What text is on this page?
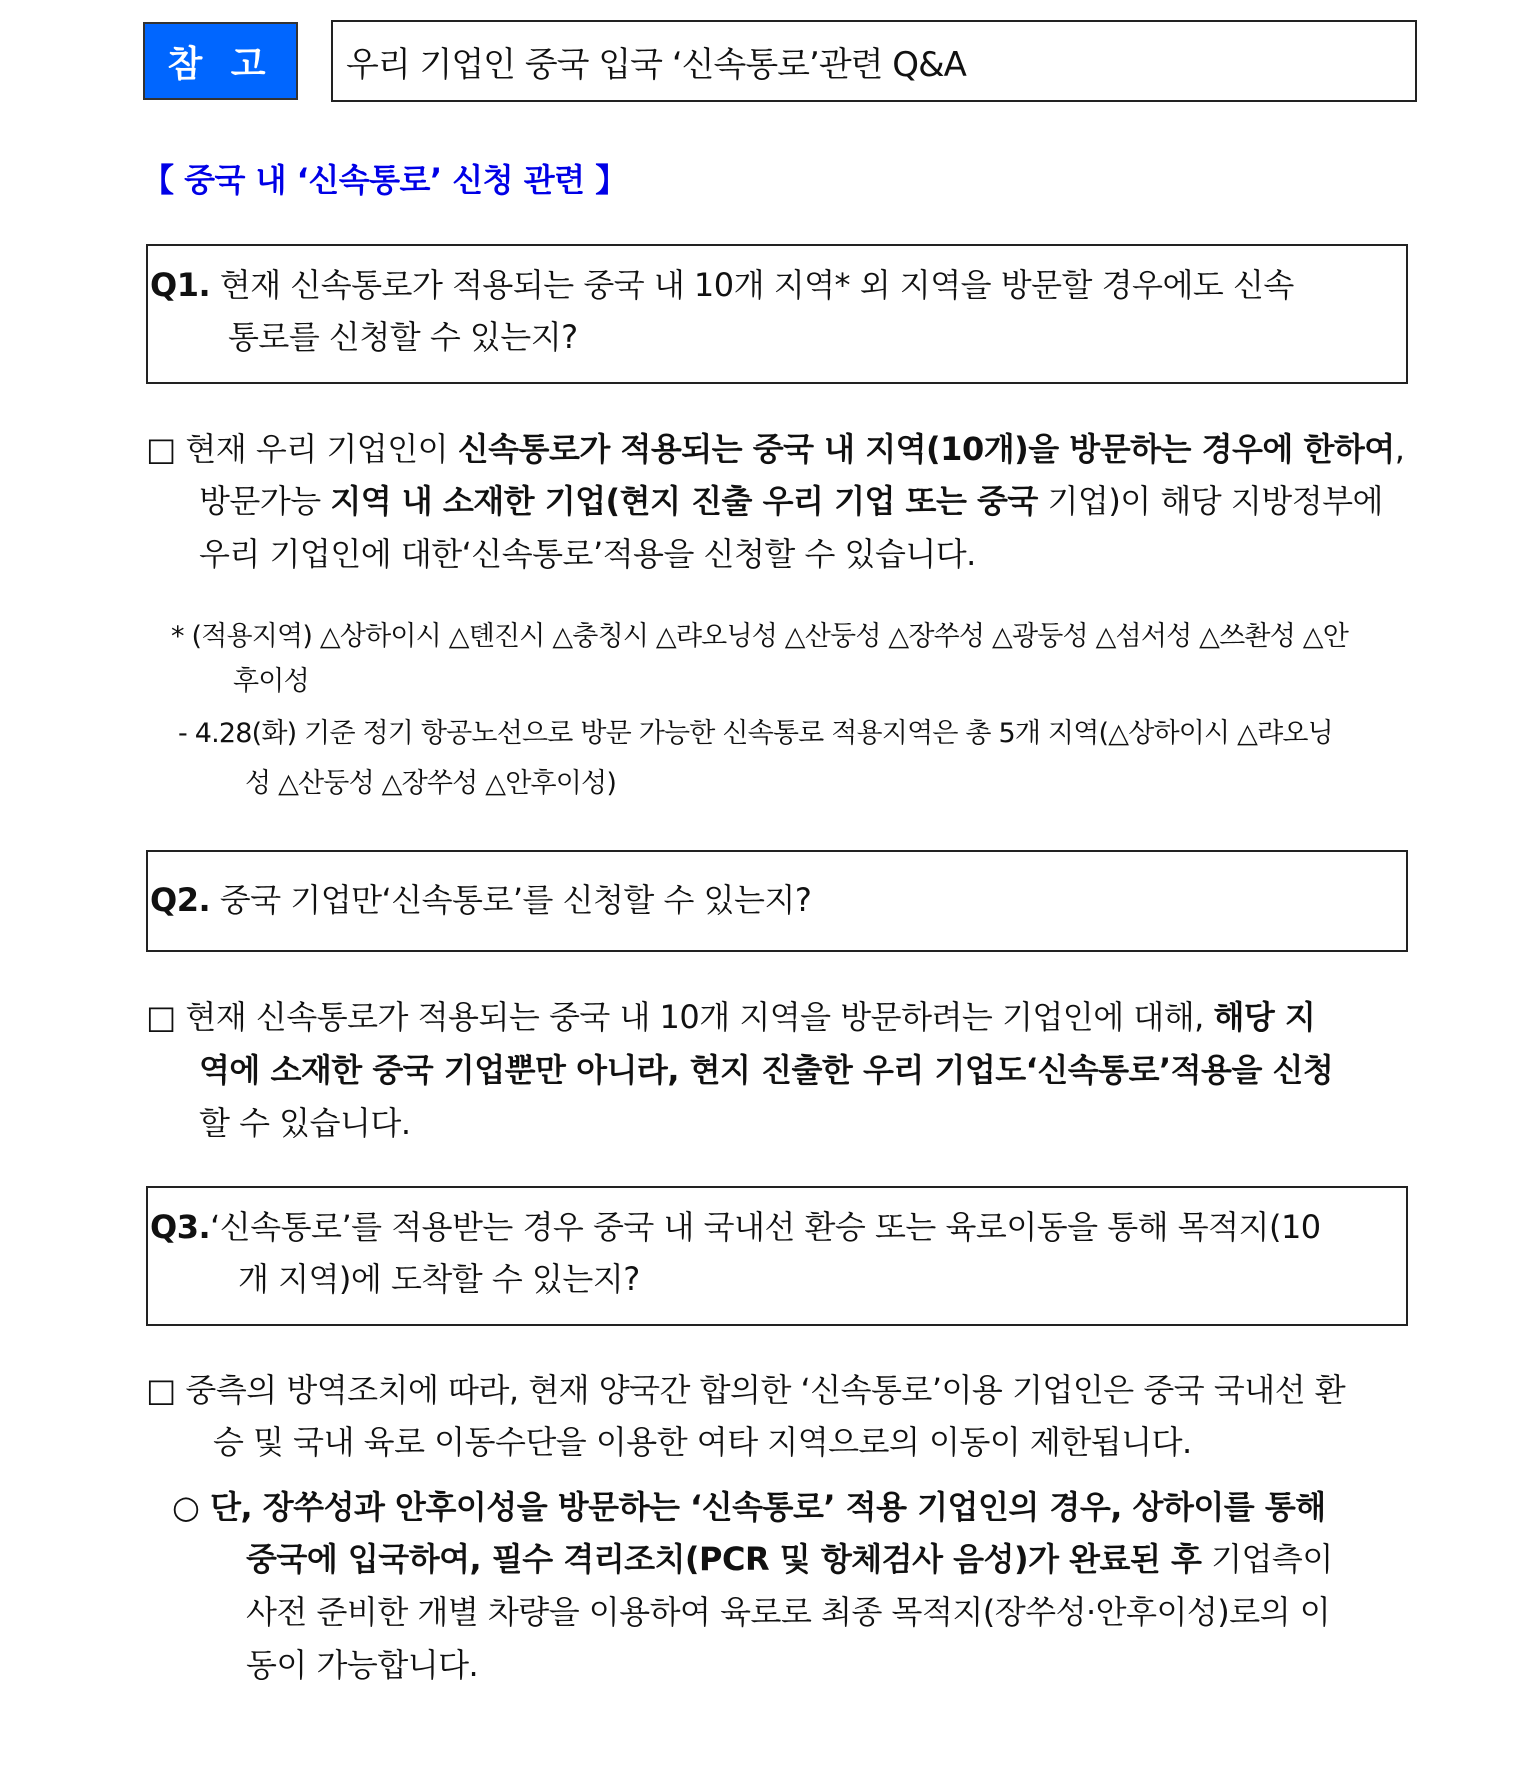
참 고	우리 기업인 중국 입국 ‘신속통로’관련 Q&A
【 중국 내 ‘신속통로’ 신청 관련 】
Q1. 현재 신속통로가 적용되는 중국 내 10개 지역* 외 지역을 방문할 경우에도 신속
통로를 신청할 수 있는지?
□ 현재 우리 기업인이 신속통로가 적용되는 중국 내 지역(10개)을 방문하는 경우에 한하여,
방문가능 지역 내 소재한 기업(현지 진출 우리 기업 또는 중국 기업)이 해당 지방정부에
우리 기업인에 대한‘신속통로’적용을 신청할 수 있습니다.
* (적용지역) △상하이시 △톈진시 △충칭시 △랴오닝성 △산둥성 △장쑤성 △광둥성 △섬서성 △쓰촨성 △안
후이성
- 4.28(화) 기준 정기 항공노선으로 방문 가능한 신속통로 적용지역은 총 5개 지역(△상하이시 △랴오닝
성 △산둥성 △장쑤성 △안후이성)
Q2. 중국 기업만‘신속통로’를 신청할 수 있는지?
□ 현재 신속통로가 적용되는 중국 내 10개 지역을 방문하려는 기업인에 대해, 해당 지
역에 소재한 중국 기업뿐만 아니라, 현지 진출한 우리 기업도‘신속통로’적용을 신청
할 수 있습니다.
Q3.‘신속통로’를 적용받는 경우 중국 내 국내선 환승 또는 육로이동을 통해 목적지(10
개 지역)에 도착할 수 있는지?
□ 중측의 방역조치에 따라, 현재 양국간 합의한 ‘신속통로’이용 기업인은 중국 국내선 환
승 및 국내 육로 이동수단을 이용한 여타 지역으로의 이동이 제한됩니다.
○ 단, 장쑤성과 안후이성을 방문하는 ‘신속통로’ 적용 기업인의 경우, 상하이를 통해
중국에 입국하여, 필수 격리조치(PCR 및 항체검사 음성)가 완료된 후 기업측이
사전 준비한 개별 차량을 이용하여 육로로 최종 목적지(장쑤성·안후이성)로의 이
동이 가능합니다.
